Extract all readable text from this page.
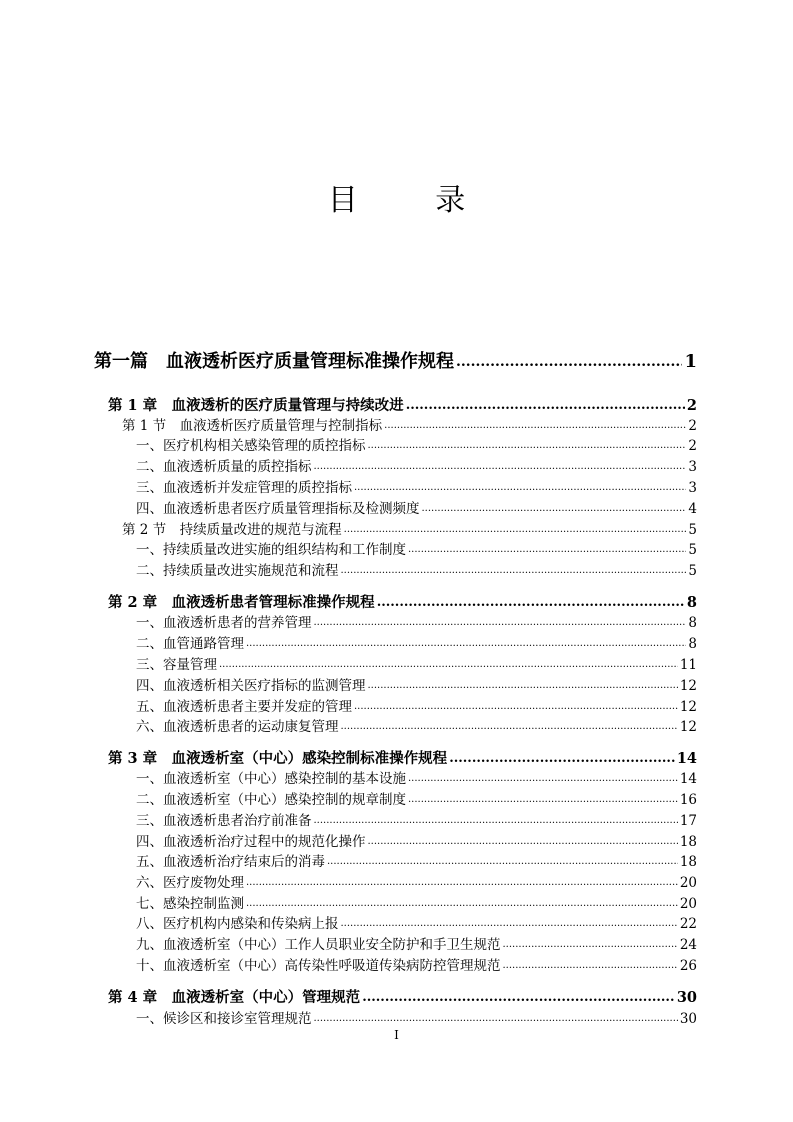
目 录
第一篇　血液透析医疗质量管理标准操作规程 .....	1
第 1 章　血液透析的医疗质量管理与持续改进 .....	2
第 1 节　血液透析医疗质量管理与控制指标 .....	2
一、医疗机构相关感染管理的质控指标 .....	2
二、血液透析质量的质控指标 .....	3
三、血液透析并发症管理的质控指标 .....	3
四、血液透析患者医疗质量管理指标及检测频度 .....	4
第 2 节　持续质量改进的规范与流程 .....	5
一、持续质量改进实施的组织结构和工作制度 .....	5
二、持续质量改进实施规范和流程 .....	5
第 2 章　血液透析患者管理标准操作规程 .....	8
一、血液透析患者的营养管理 .....	8
二、血管通路管理 .....	8
三、容量管理 .....	11
四、血液透析相关医疗指标的监测管理 .....	12
五、血液透析患者主要并发症的管理 .....	12
六、血液透析患者的运动康复管理 .....	12
第 3 章　血液透析室（中心）感染控制标准操作规程 .....	14
一、血液透析室（中心）感染控制的基本设施 .....	14
二、血液透析室（中心）感染控制的规章制度 .....	16
三、血液透析患者治疗前准备 .....	17
四、血液透析治疗过程中的规范化操作 .....	18
五、血液透析治疗结束后的消毒 .....	18
六、医疗废物处理 .....	20
七、感染控制监测 .....	20
八、医疗机构内感染和传染病上报 .....	22
九、血液透析室（中心）工作人员职业安全防护和手卫生规范 .....	24
十、血液透析室（中心）高传染性呼吸道传染病防控管理规范 .....	26
第 4 章　血液透析室（中心）管理规范 .....	30
一、候诊区和接诊室管理规范 .....	30
I
